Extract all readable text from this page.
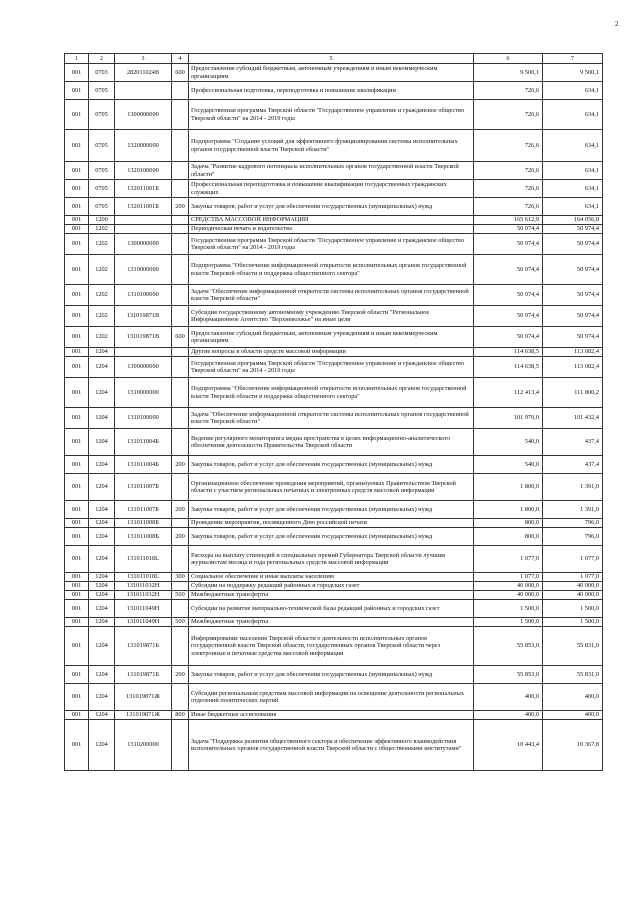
2
1	2	3	4	5	6	7
001	0703	282011024В	600	Предоставление субсидий бюджетным, автономным учреждениям и иным некоммерческим организациям	9 500,1	9 500,1
001	0705			Профессиональная подготовка, переподготовка и повышение квалификации	726,6	634,1
001	0705	1300000000		Государственная программа Тверской области "Государственное управление и гражданское общество Тверской области" на 2014 - 2019 годы	726,6	634,1
001	0705	1320000000		Подпрограмма "Создание условий для эффективного функционирования системы исполнительных органов государственной власти Тверской области"	726,6	634,1
001	0705	1320100000		Задача "Развитие кадрового потенциала исполнительных органов государственной власти Тверской области"	726,6	634,1
001	0705	132011001Б		Профессиональная переподготовка и повышение квалификации государственных гражданских служащих	726,6	634,1
001	0705	132011001Б	200	Закупка товаров, работ и услуг для обеспечения государственных (муниципальных) нужд	726,6	634,1
001	1200			СРЕДСТВА МАССОВОЙ ИНФОРМАЦИИ	165 612,9	164 056,8
001	1202			Периодическая печать и издательства	50 974,4	50 974,4
001	1202	1300000000		Государственная программа Тверской области "Государственное управление и гражданское общество Тверской области" на 2014 - 2019 годы	50 974,4	50 974,4
001	1202	1310000000		Подпрограмма "Обеспечение информационной открытости исполнительных органов государственной власти Тверской области и поддержка общественного сектора"	50 974,4	50 974,4
001	1202	1310100000		Задача "Обеспечение информационной открытости системы исполнительных органов государственной власти Тверской области"	50 974,4	50 974,4
001	1202	131019871В		Субсидия государственному автономному учреждению Тверской области "Региональное Информационное Агентство "Верхневолжье" на иные цели	50 974,4	50 974,4
001	1202	131019871В	600	Предоставление субсидий бюджетным, автономным учреждениям и иным некоммерческим организациям	50 974,4	50 974,4
001	1204			Другие вопросы в области средств массовой информации	114 638,5	113 082,4
001	1204	1300000000		Государственная программа Тверской области "Государственное управление и гражданское общество Тверской области" на 2014 - 2019 годы	114 638,5	113 082,4
001	1204	1310000000		Подпрограмма "Обеспечение информационной открытости исполнительных органов государственной власти Тверской области и поддержка общественного сектора"	112 413,4	111 800,2
001	1204	1310100000		Задача "Обеспечение информационной открытости системы исполнительных органов государственной власти Тверской области"	101 970,0	101 432,4
001	1204	131011004Б		Ведение регулярного мониторинга медиа пространства в целях информационно-аналитического обеспечения деятельности Правительства Тверской области	540,0	437,4
001	1204	131011004Б	200	Закупка товаров, работ и услуг для обеспечения государственных (муниципальных) нужд	540,0	437,4
001	1204	131011007Б		Организационное обеспечение проведения мероприятий, организуемых Правительством Тверской области с участием региональных печатных и электронных средств массовой информации	1 800,0	1 391,0
001	1204	131011007Б	200	Закупка товаров, работ и услуг для обеспечения государственных (муниципальных) нужд	1 800,0	1 391,0
001	1204	131011008Б		Проведение мероприятия, посвященного Дню российской печати	800,0	796,0
001	1204	131011008Б	200	Закупка товаров, работ и услуг для обеспечения государственных (муниципальных) нужд	800,0	796,0
001	1204	131011018L		Расходы на выплату стипендий и специальных премий Губернатора Тверской области лучшим журналистам месяца и года региональных средств массовой информации	1 077,0	1 077,0
001	1204	131011018L	300	Социальное обеспечение и иные выплаты населению	1 077,0	1 077,0
001	1204	131011032Н		Субсидии на поддержку редакций районных и городских газет	40 000,0	40 000,0
001	1204	131011032Н	500	Межбюджетные трансферты	40 000,0	40 000,0
001	1204	131011049Н		Субсидии на развитие материально-технической базы редакций районных и городских газет	1 500,0	1 500,0
001	1204	131011049Н	500	Межбюджетные трансферты	1 500,0	1 500,0
001	1204	131019871Б		Информирование населения Тверской области о деятельности исполнительных органов государственной власти Тверской области, государственных органов Тверской области через электронные и печатные средства массовой информации	55 853,0	55 831,0
001	1204	131019871Б	200	Закупка товаров, работ и услуг для обеспечения государственных (муниципальных) нужд	55 853,0	55 831,0
001	1204	131019871Ж		Субсидии региональным средствам массовой информации на освещение деятельности региональных отделений политических партий	400,0	400,0
001	1204	131019871Ж	800	Иные бюджетные ассигнования	400,0	400,0
001	1204	1310200000		Задача "Поддержка развития общественного сектора и обеспечение эффективного взаимодействия исполнительных органов государственной власти Тверской области с общественными институтами"	10 443,4	10 367,8
